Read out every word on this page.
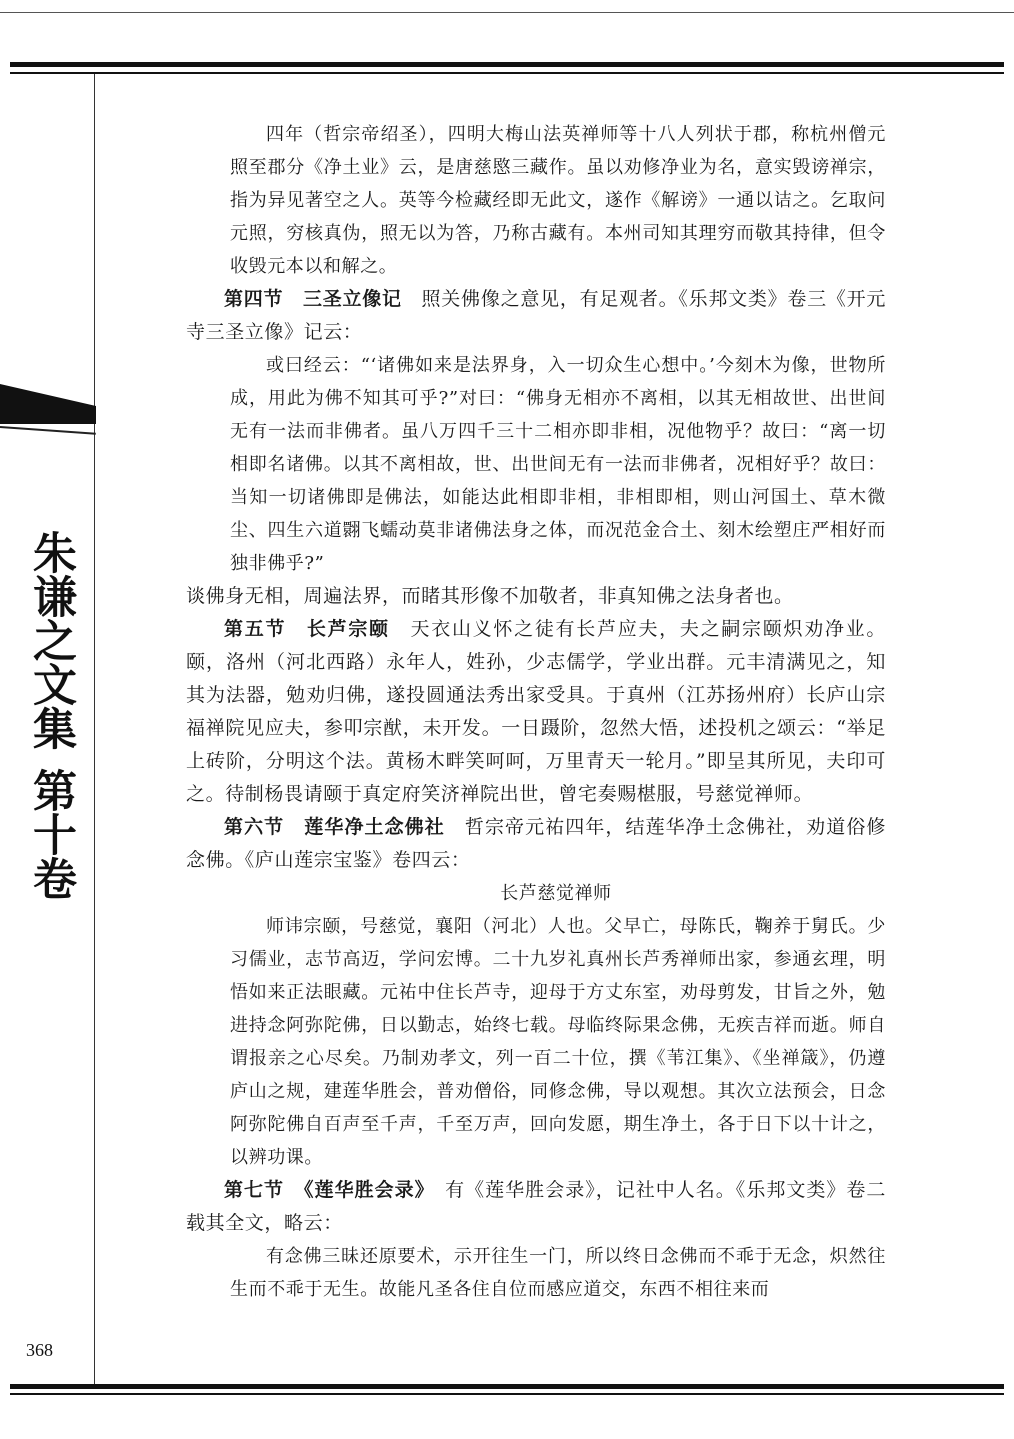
朱谦之文集
第十卷

四年（哲宗帝绍圣），四明大梅山法英禅师等十八人列状于郡，称杭州僧元照至郡分《净土业》云，是唐慈愍三藏作。虽以劝修净业为名，意实毁谤禅宗，指为异见著空之人。英等今检藏经即无此文，遂作《解谤》一通以诘之。乞取问元照，穷核真伪，照无以为答，乃称古藏有。本州司知其理穷而敬其持律，但令收毁元本以和解之。

第四节　三圣立像记　照关佛像之意见，有足观者。《乐邦文类》卷三《开元寺三圣立像》记云：

或曰经云：“‘诸佛如来是法界身，入一切众生心想中。’今刻木为像，世物所成，用此为佛不知其可乎?”对曰：“佛身无相亦不离相，以其无相故世、出世间无有一法而非佛者。虽八万四千三十二相亦即非相，况他物乎？故曰：“离一切相即名诸佛。以其不离相故，世、出世间无有一法而非佛者，况相好乎？故曰：当知一切诸佛即是佛法，如能达此相即非相，非相即相，则山河国土、草木微尘、四生六道翾飞蠕动莫非诸佛法身之体，而况范金合土、刻木绘塑庄严相好而独非佛乎?”

谈佛身无相，周遍法界，而睹其形像不加敬者，非真知佛之法身者也。

第五节　长芦宗颐　天衣山义怀之徒有长芦应夫，夫之嗣宗颐炽劝净业。颐，洛州（河北西路）永年人，姓孙，少志儒学，学业出群。元丰清满见之，知其为法器，勉劝归佛，遂投圆通法秀出家受具。于真州（江苏扬州府）长庐山宗福禅院见应夫，参叩宗猷，未开发。一日蹑阶，忽然大悟，述投机之颂云：“举足上砖阶，分明这个法。黄杨木畔笑呵呵，万里青天一轮月。”即呈其所见，夫印可之。待制杨畏请颐于真定府笑济禅院出世，曾宅奏赐椹服，号慈觉禅师。

第六节　莲华净土念佛社　哲宗帝元祐四年，结莲华净土念佛社，劝道俗修念佛。《庐山莲宗宝鉴》卷四云：

长芦慈觉禅师

师讳宗颐，号慈觉，襄阳（河北）人也。父早亡，母陈氏，鞠养于舅氏。少习儒业，志节高迈，学问宏博。二十九岁礼真州长芦秀禅师出家，参通玄理，明悟如来正法眼藏。元祐中住长芦寺，迎母于方丈东室，劝母剪发，甘旨之外，勉进持念阿弥陀佛，日以勤志，始终七载。母临终际果念佛，无疾吉祥而逝。师自谓报亲之心尽矣。乃制劝孝文，列一百二十位，撰《苇江集》、《坐禅箴》，仍遵庐山之规，建莲华胜会，普劝僧俗，同修念佛，导以观想。其次立法预会，日念阿弥陀佛自百声至千声，千至万声，回向发愿，期生净土，各于日下以十计之，以辨功课。

第七节　《莲华胜会录》　有《莲华胜会录》，记社中人名。《乐邦文类》卷二载其全文，略云：

有念佛三昧还原要术，示开往生一门，所以终日念佛而不乖于无念，炽然往生而不乖于无生。故能凡圣各住自位而感应道交，东西不相往来而

368
